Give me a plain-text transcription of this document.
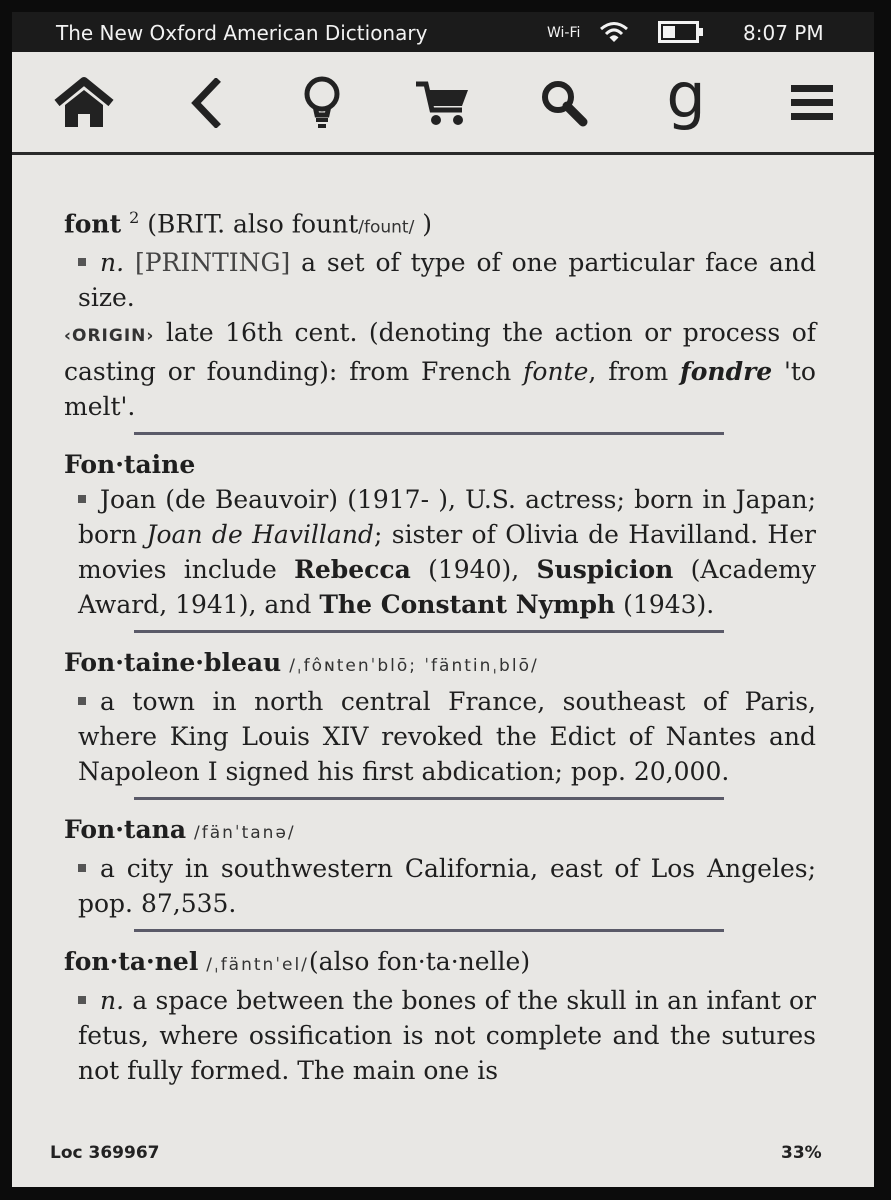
The New Oxford American Dictionary	Wi-Fi	8:07 PM
g
font $^2$ (BRIT. also fount/fount/ )
n. [PRINTING] a set of type of one particular face and size.
‹ORIGIN› late 16th cent. (denoting the action or process of casting or founding): from French fonte, from fondre 'to melt'.
Fon·taine
Joan (de Beauvoir) (1917- ), U.S. actress; born in Japan; born Joan de Havilland; sister of Olivia de Havilland. Her movies include Rebecca (1940), Suspicion (Academy Award, 1941), and The Constant Nymph (1943).
Fon·taine·bleau /ˌfôɴtenˈblō; ˈfäntinˌblō/
a town in north central France, southeast of Paris, where King Louis XIV revoked the Edict of Nantes and Napoleon I signed his first abdication; pop. 20,000.
Fon·tana /fänˈtanə/
a city in southwestern California, east of Los Angeles; pop. 87,535.
fon·ta·nel /ˌfäntnˈel/(also fon·ta·nelle)
n. a space between the bones of the skull in an infant or fetus, where ossification is not complete and the sutures not fully formed. The main one is
Loc 369967	33%
